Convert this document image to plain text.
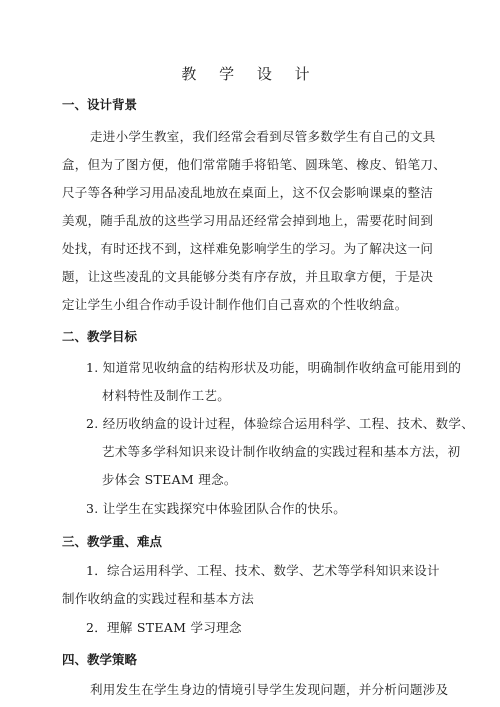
教 学 设 计
一、设计背景
走进小学生教室，我们经常会看到尽管多数学生有自己的文具
盒，但为了图方便，他们常常随手将铅笔、圆珠笔、橡皮、铅笔刀、
尺子等各种学习用品凌乱地放在桌面上，这不仅会影响课桌的整洁
美观，随手乱放的这些学习用品还经常会掉到地上，需要花时间到
处找，有时还找不到，这样难免影响学生的学习。为了解决这一问
题，让这些凌乱的文具能够分类有序存放，并且取拿方便，于是决
定让学生小组合作动手设计制作他们自己喜欢的个性收纳盒。
二、教学目标
1. 知道常见收纳盒的结构形状及功能，明确制作收纳盒可能用到的
材料特性及制作工艺。
2. 经历收纳盒的设计过程，体验综合运用科学、工程、技术、数学、
艺术等多学科知识来设计制作收纳盒的实践过程和基本方法，初
步体会 STEAM 理念。
3. 让学生在实践探究中体验团队合作的快乐。
三、教学重、难点
1．综合运用科学、工程、技术、数学、艺术等学科知识来设计
制作收纳盒的实践过程和基本方法
2．理解 STEAM 学习理念
四、教学策略
利用发生在学生身边的情境引导学生发现问题，并分析问题涉及
